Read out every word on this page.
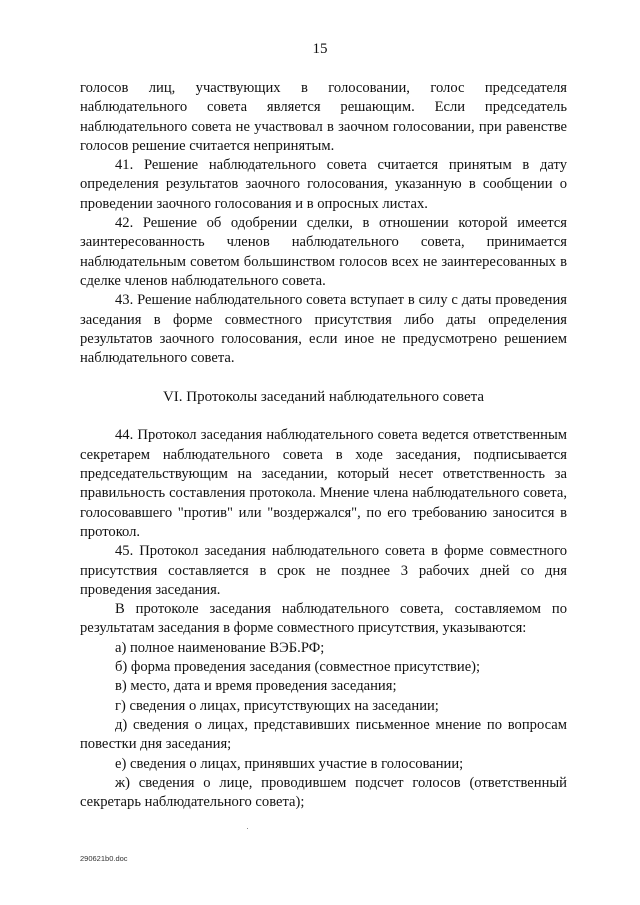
15

голосов лиц, участвующих в голосовании, голос председателя наблюдательного совета является решающим. Если председатель наблюдательного совета не участвовал в заочном голосовании, при равенстве голосов решение считается непринятым.

41. Решение наблюдательного совета считается принятым в дату определения результатов заочного голосования, указанную в сообщении о проведении заочного голосования и в опросных листах.

42. Решение об одобрении сделки, в отношении которой имеется заинтересованность членов наблюдательного совета, принимается наблюдательным советом большинством голосов всех не заинтересованных в сделке членов наблюдательного совета.

43. Решение наблюдательного совета вступает в силу с даты проведения заседания в форме совместного присутствия либо даты определения результатов заочного голосования, если иное не предусмотрено решением наблюдательного совета.

VI. Протоколы заседаний наблюдательного совета

44. Протокол заседания наблюдательного совета ведется ответственным секретарем наблюдательного совета в ходе заседания, подписывается председательствующим на заседании, который несет ответственность за правильность составления протокола. Мнение члена наблюдательного совета, голосовавшего "против" или "воздержался", по его требованию заносится в протокол.

45. Протокол заседания наблюдательного совета в форме совместного присутствия составляется в срок не позднее 3 рабочих дней со дня проведения заседания.

В протоколе заседания наблюдательного совета, составляемом по результатам заседания в форме совместного присутствия, указываются:

а) полное наименование ВЭБ.РФ;

б) форма проведения заседания (совместное присутствие);

в) место, дата и время проведения заседания;

г) сведения о лицах, присутствующих на заседании;

д) сведения о лицах, представивших письменное мнение по вопросам повестки дня заседания;

е) сведения о лицах, принявших участие в голосовании;

ж) сведения о лице, проводившем подсчет голосов (ответственный секретарь наблюдательного совета);

290621b0.doc
